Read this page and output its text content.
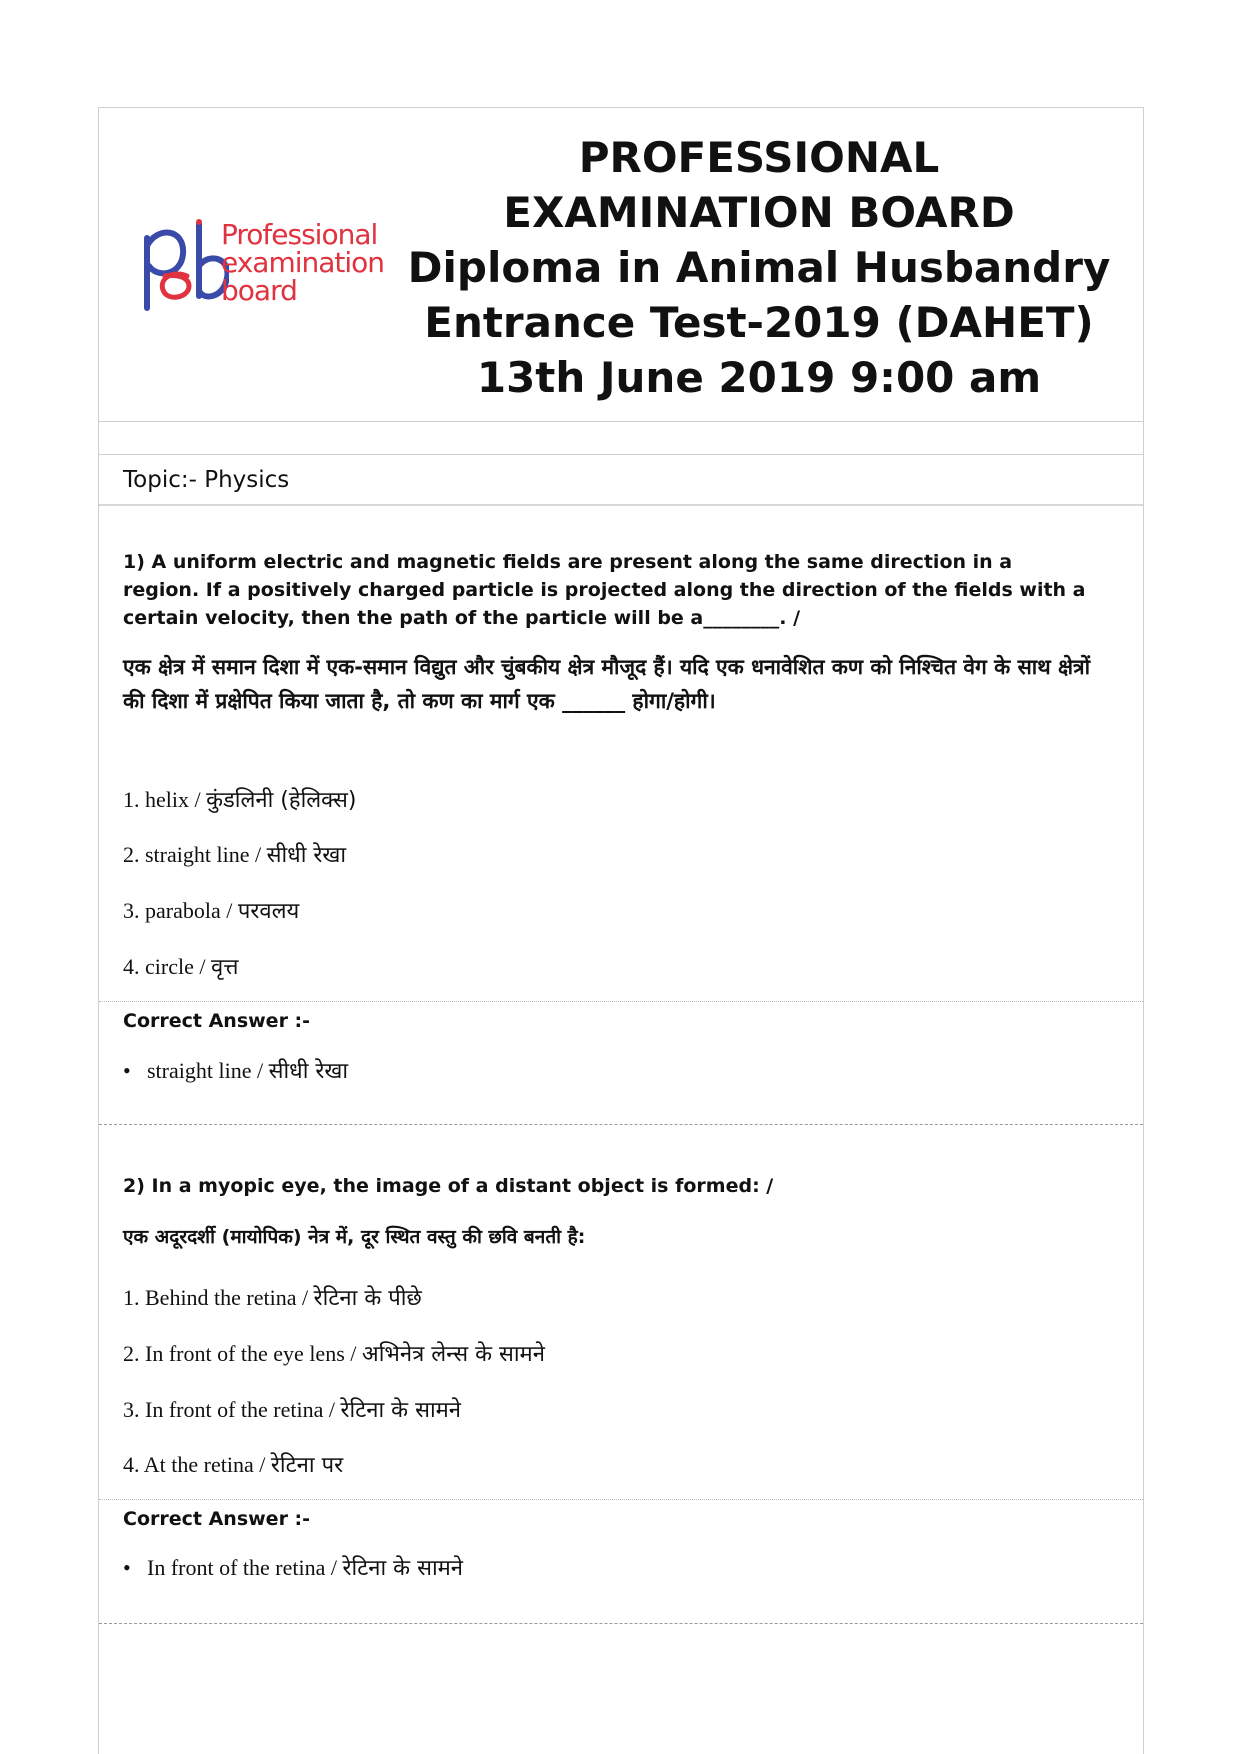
Professional
examination
board
PROFESSIONAL
EXAMINATION BOARD
Diploma in Animal Husbandry
Entrance Test-2019 (DAHET)
13th June 2019 9:00 am
Topic:- Physics
1) A uniform electric and magnetic fields are present along the same direction in a region. If a positively charged particle is projected along the direction of the fields with a certain velocity, then the path of the particle will be a________. /
एक क्षेत्र में समान दिशा में एक-समान विद्युत और चुंबकीय क्षेत्र मौजूद हैं। यदि एक धनावेशित कण को निश्चित वेग के साथ क्षेत्रों की दिशा में प्रक्षेपित किया जाता है, तो कण का मार्ग एक ______ होगा/होगी।
1. helix / कुंडलिनी (हेलिक्स)
2. straight line / सीधी रेखा
3. parabola / परवलय
4. circle / वृत्त
Correct Answer :-
• straight line / सीधी रेखा
2) In a myopic eye, the image of a distant object is formed: /
एक अदूरदर्शी (मायोपिक) नेत्र में, दूर स्थित वस्तु की छवि बनती है:
1. Behind the retina / रेटिना के पीछे
2. In front of the eye lens / अभिनेत्र लेन्स के सामने
3. In front of the retina / रेटिना के सामने
4. At the retina / रेटिना पर
Correct Answer :-
• In front of the retina / रेटिना के सामने
